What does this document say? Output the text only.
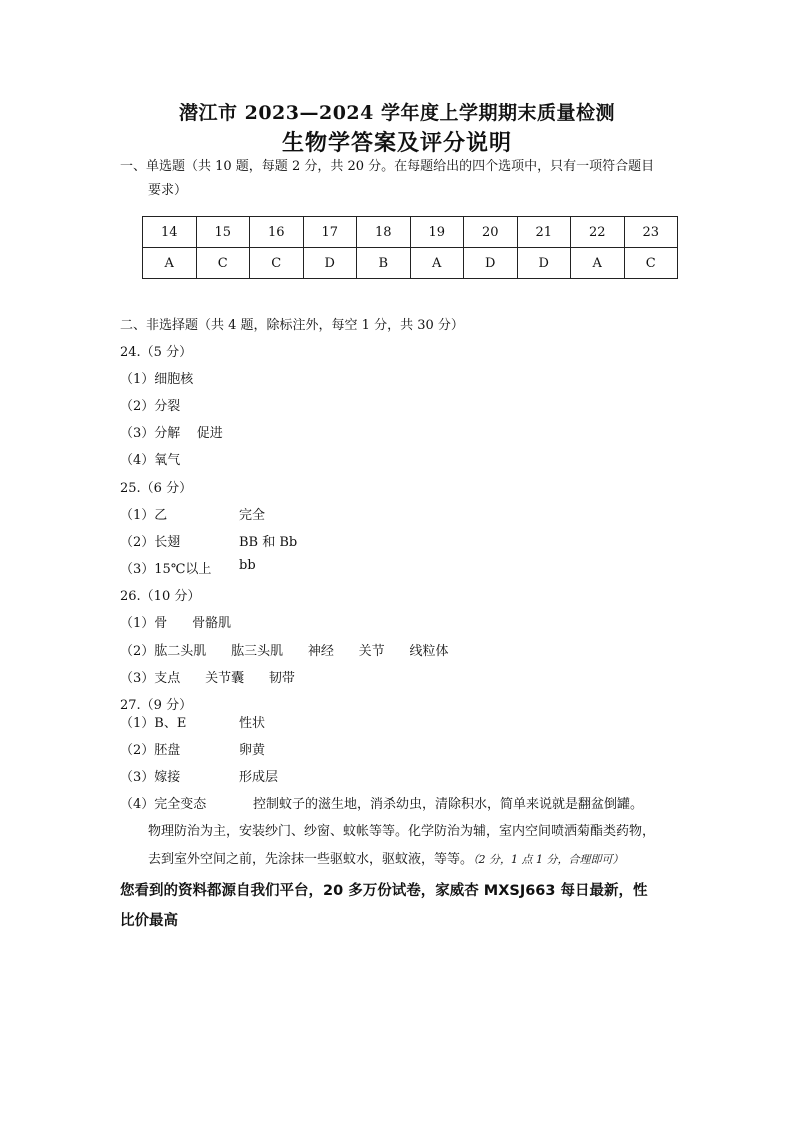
潜江市 2023—2024 学年度上学期期末质量检测
生物学答案及评分说明
一、单选题（共 10 题，每题 2 分，共 20 分。在每题给出的四个选项中，只有一项符合题目
要求）
14	15	16	17	18	19	20	21	22	23
A	C	C	D	B	A	D	D	A	C
二、非选择题（共 4 题，除标注外，每空 1 分，共 30 分）
24.（5 分）
（1）细胞核
（2）分裂
（3）分解    促进
（4）氧气
25.（6 分）
（1）乙	完全
（2）长翅	BB 和 Bb
（3）15℃以上 bb
26.（10 分）
（1）骨      骨骼肌
（2）肱二头肌      肱三头肌      神经      关节      线粒体
（3）支点      关节囊      韧带
27.（9 分）
（1）B、E	性状
（2）胚盘	卵黄
（3）嫁接	形成层
（4）完全变态	控制蚊子的滋生地，消杀幼虫，清除积水，简单来说就是翻盆倒罐。
物理防治为主，安装纱门、纱窗、蚊帐等等。化学防治为辅，室内空间喷洒菊酯类药物，
去到室外空间之前，先涂抹一些驱蚊水，驱蚊液，等等。（2 分，1 点 1 分，合理即可）
您看到的资料都源自我们平台，20 多万份试卷，家威杏 MXSJ663 每日最新，性
比价最高
